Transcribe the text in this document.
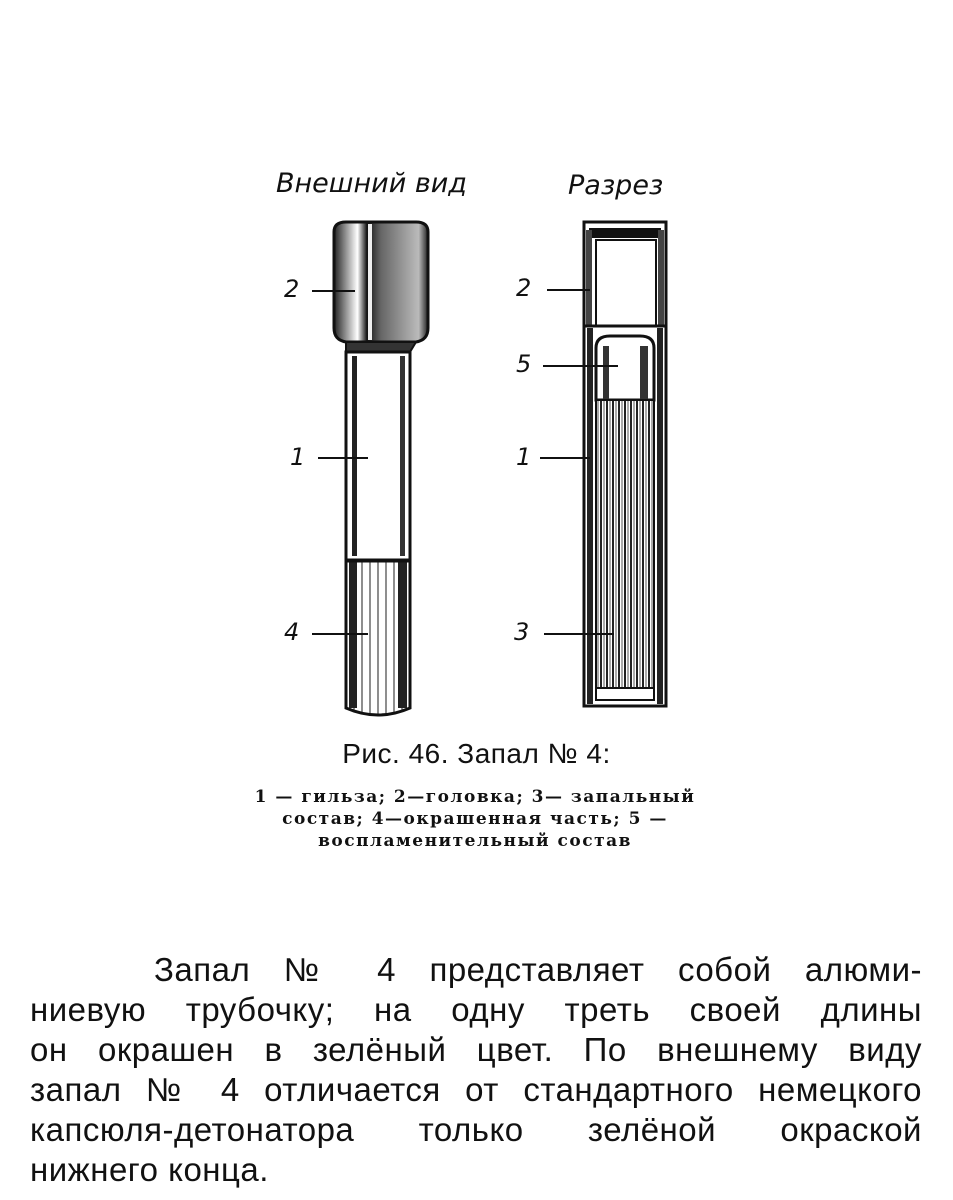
Внешний вид	Разрез
2
1
4
2
5
1
3
Рис. 46. Запал № 4:
1 — гильза; 2—головка; 3— запальный состав; 4—окрашенная часть; 5 — воспламенительный состав
Запал № 4 представляет собой алюми-
ниевую трубочку; на одну треть своей длины
он окрашен в зелёный цвет. По внешнему виду
запал № 4 отличается от стандартного немецкого
капсюля-детонатора только зелёной окраской
нижнего конца.
